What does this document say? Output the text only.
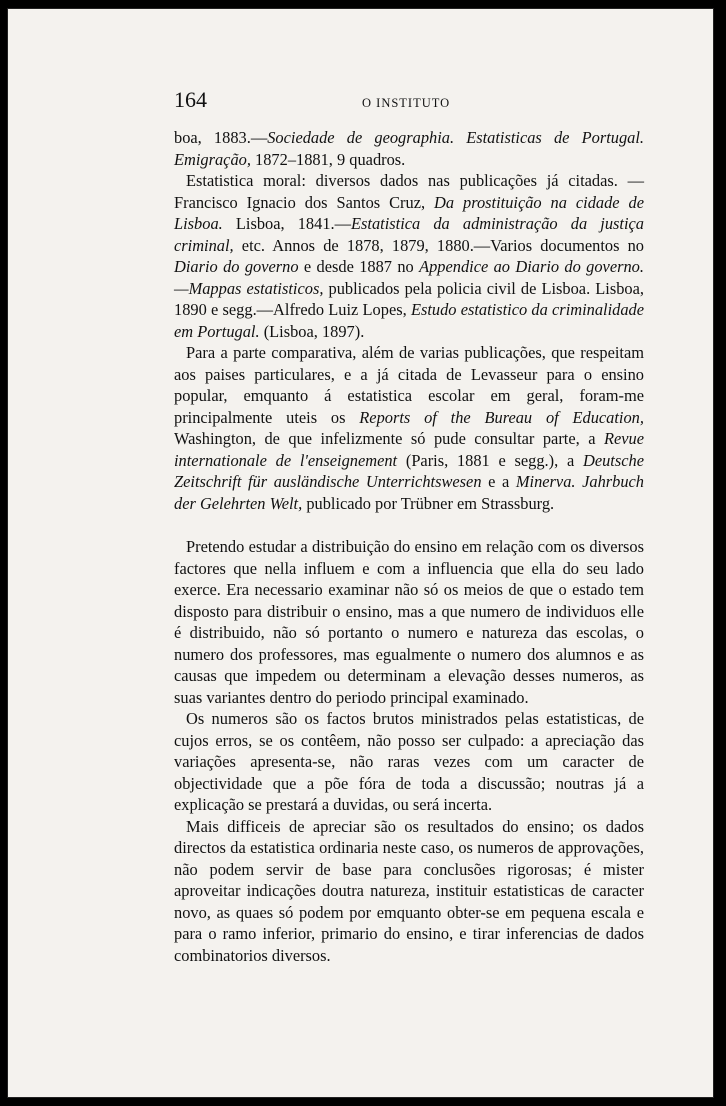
164	O INSTITUTO

boa, 1883.—Sociedade de geographia. Estatisticas de Portugal. Emigração, 1872–1881, 9 quadros.

Estatistica moral: diversos dados nas publicações já citadas. —Francisco Ignacio dos Santos Cruz, Da prostituição na cidade de Lisboa. Lisboa, 1841.—Estatistica da administração da justiça criminal, etc. Annos de 1878, 1879, 1880.—Varios documentos no Diario do governo e desde 1887 no Appendice ao Diario do governo.—Mappas estatisticos, publicados pela policia civil de Lisboa. Lisboa, 1890 e segg.—Alfredo Luiz Lopes, Estudo estatistico da criminalidade em Portugal. (Lisboa, 1897).

Para a parte comparativa, além de varias publicações, que respeitam aos paises particulares, e a já citada de Levasseur para o ensino popular, emquanto á estatistica escolar em geral, foram-me principalmente uteis os Reports of the Bureau of Education, Washington, de que infelizmente só pude consultar parte, a Revue internationale de l'enseignement (Paris, 1881 e segg.), a Deutsche Zeitschrift für ausländische Unterrichtswesen e a Minerva. Jahrbuch der Gelehrten Welt, publicado por Trübner em Strassburg.

Pretendo estudar a distribuição do ensino em relação com os diversos factores que nella influem e com a influencia que ella do seu lado exerce. Era necessario examinar não só os meios de que o estado tem disposto para distribuir o ensino, mas a que numero de individuos elle é distribuido, não só portanto o numero e natureza das escolas, o numero dos professores, mas egualmente o numero dos alumnos e as causas que impedem ou determinam a elevação desses numeros, as suas variantes dentro do periodo principal examinado.

Os numeros são os factos brutos ministrados pelas estatisticas, de cujos erros, se os contêem, não posso ser culpado: a apreciação das variações apresenta-se, não raras vezes com um caracter de objectividade que a põe fóra de toda a discussão; noutras já a explicação se prestará a duvidas, ou será incerta.

Mais difficeis de apreciar são os resultados do ensino; os dados directos da estatistica ordinaria neste caso, os numeros de approvações, não podem servir de base para conclusões rigorosas; é mister aproveitar indicações doutra natureza, instituir estatisticas de caracter novo, as quaes só podem por emquanto obter-se em pequena escala e para o ramo inferior, primario do ensino, e tirar inferencias de dados combinatorios diversos.
